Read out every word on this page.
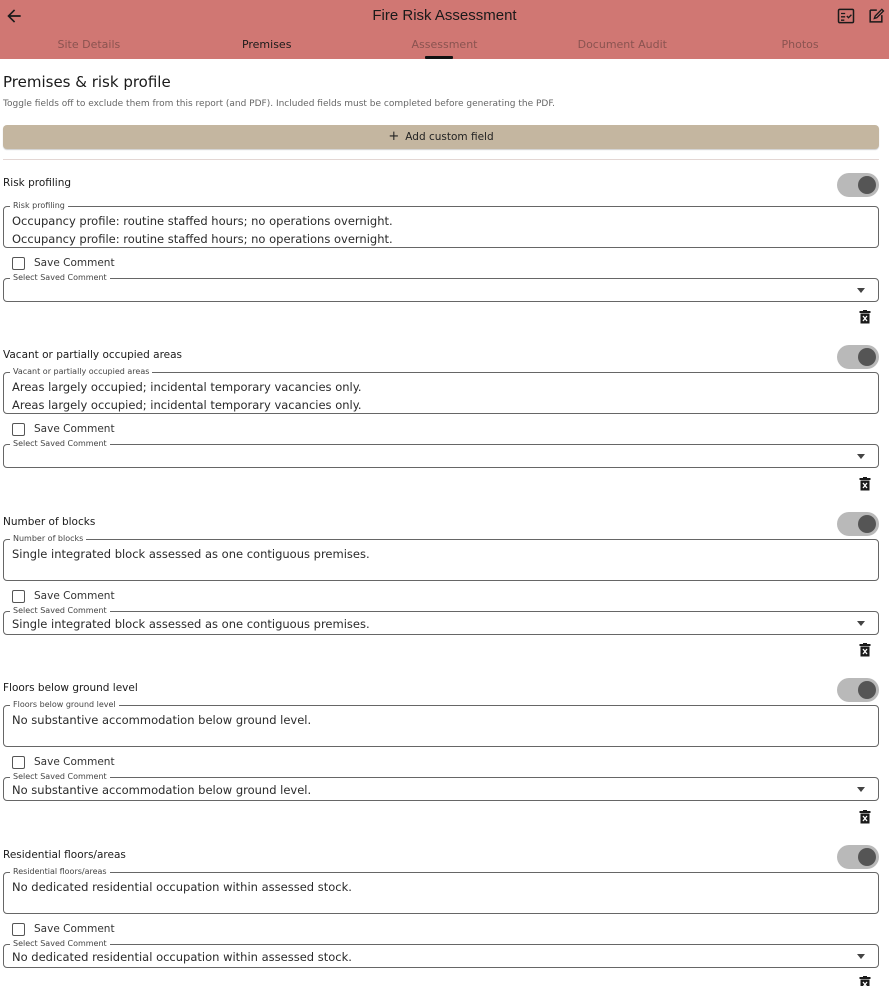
Fire Risk Assessment
Site Details	Premises	Assessment	Document Audit	Photos
Premises & risk profile
Toggle fields off to exclude them from this report (and PDF). Included fields must be completed before generating the PDF.
+ Add custom field
Risk profiling
Risk profiling
Occupancy profile: routine staffed hours; no operations overnight.
Occupancy profile: routine staffed hours; no operations overnight.
Save Comment
Select Saved Comment
Vacant or partially occupied areas
Vacant or partially occupied areas
Areas largely occupied; incidental temporary vacancies only.
Areas largely occupied; incidental temporary vacancies only.
Save Comment
Select Saved Comment
Number of blocks
Number of blocks
Single integrated block assessed as one contiguous premises.
Save Comment
Select Saved Comment
Single integrated block assessed as one contiguous premises.
Floors below ground level
Floors below ground level
No substantive accommodation below ground level.
Save Comment
Select Saved Comment
No substantive accommodation below ground level.
Residential floors/areas
Residential floors/areas
No dedicated residential occupation within assessed stock.
Save Comment
Select Saved Comment
No dedicated residential occupation within assessed stock.
